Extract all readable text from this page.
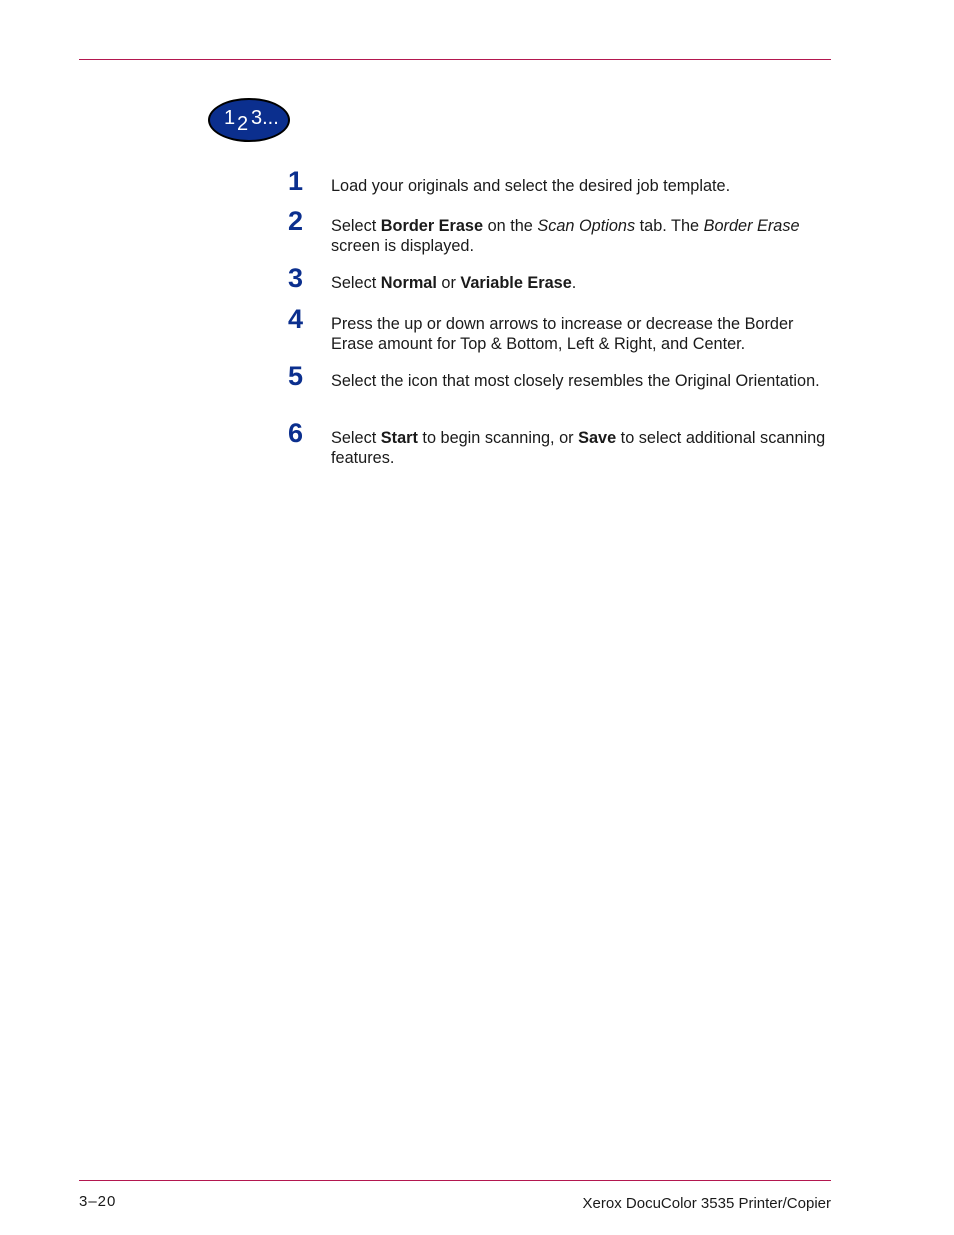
1 2 3...
1 Load your originals and select the desired job template.
2 Select Border Erase on the Scan Options tab. The Border Erase screen is displayed.
3 Select Normal or Variable Erase.
4 Press the up or down arrows to increase or decrease the Border Erase amount for Top & Bottom, Left & Right, and Center.
5 Select the icon that most closely resembles the Original Orientation.
6 Select Start to begin scanning, or Save to select additional scanning features.
3–20	Xerox DocuColor 3535 Printer/Copier
